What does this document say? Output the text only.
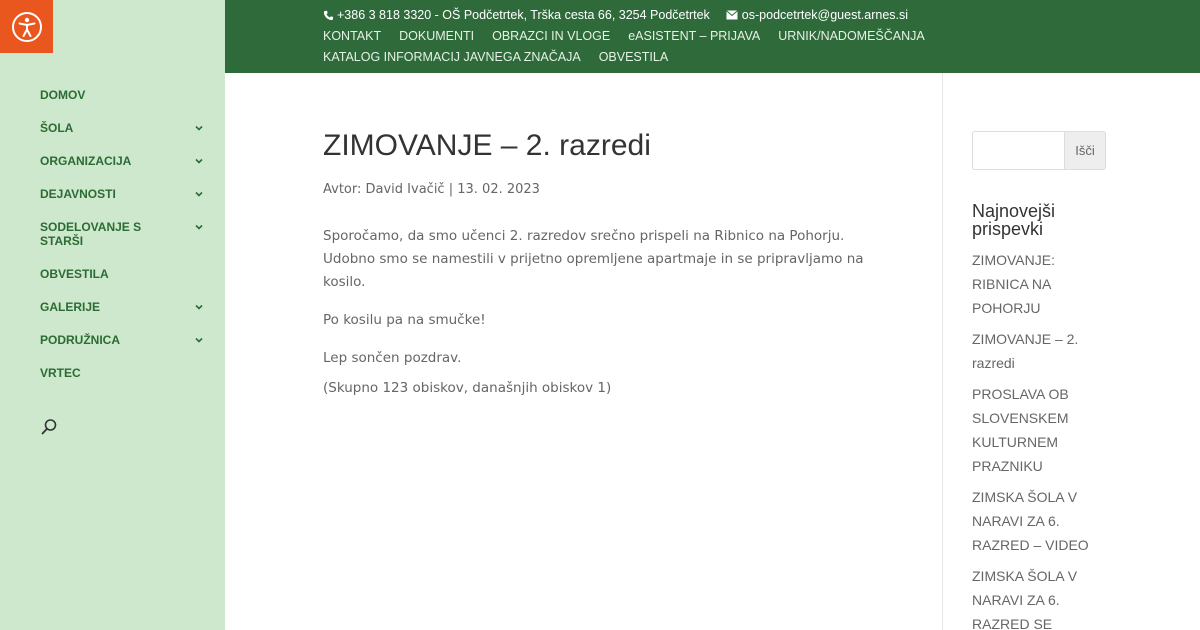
DOMOV
ŠOLA
ORGANIZACIJA
DEJAVNOSTI
SODELOVANJE S STARŠI
OBVESTILA
GALERIJE
PODRUŽNICA
VRTEC
+386 3 818 3320 - OŠ Podčetrtek, Trška cesta 66, 3254 Podčetrtek	os-podcetrtek@guest.arnes.si
KONTAKT DOKUMENTI OBRAZCI IN VLOGE eASISTENT – PRIJAVA URNIK/NADOMEŠČANJA
KATALOG INFORMACIJ JAVNEGA ZNAČAJA OBVESTILA
ZIMOVANJE – 2. razredi
Avtor: David Ivačič | 13. 02. 2023

Sporočamo, da smo učenci 2. razredov srečno prispeli na Ribnico na Pohorju. Udobno smo se namestili v prijetno opremljene apartmaje in se pripravljamo na kosilo.

Po kosilu pa na smučke!

Lep sončen pozdrav.

(Skupno 123 obiskov, današnjih obiskov 1)

Išči
Najnovejši prispevki
ZIMOVANJE: RIBNICA NA POHORJU
ZIMOVANJE – 2. razredi
PROSLAVA OB SLOVENSKEM KULTURNEM PRAZNIKU
ZIMSKA ŠOLA V NARAVI ZA 6. RAZRED – VIDEO
ZIMSKA ŠOLA V NARAVI ZA 6. RAZRED SE
